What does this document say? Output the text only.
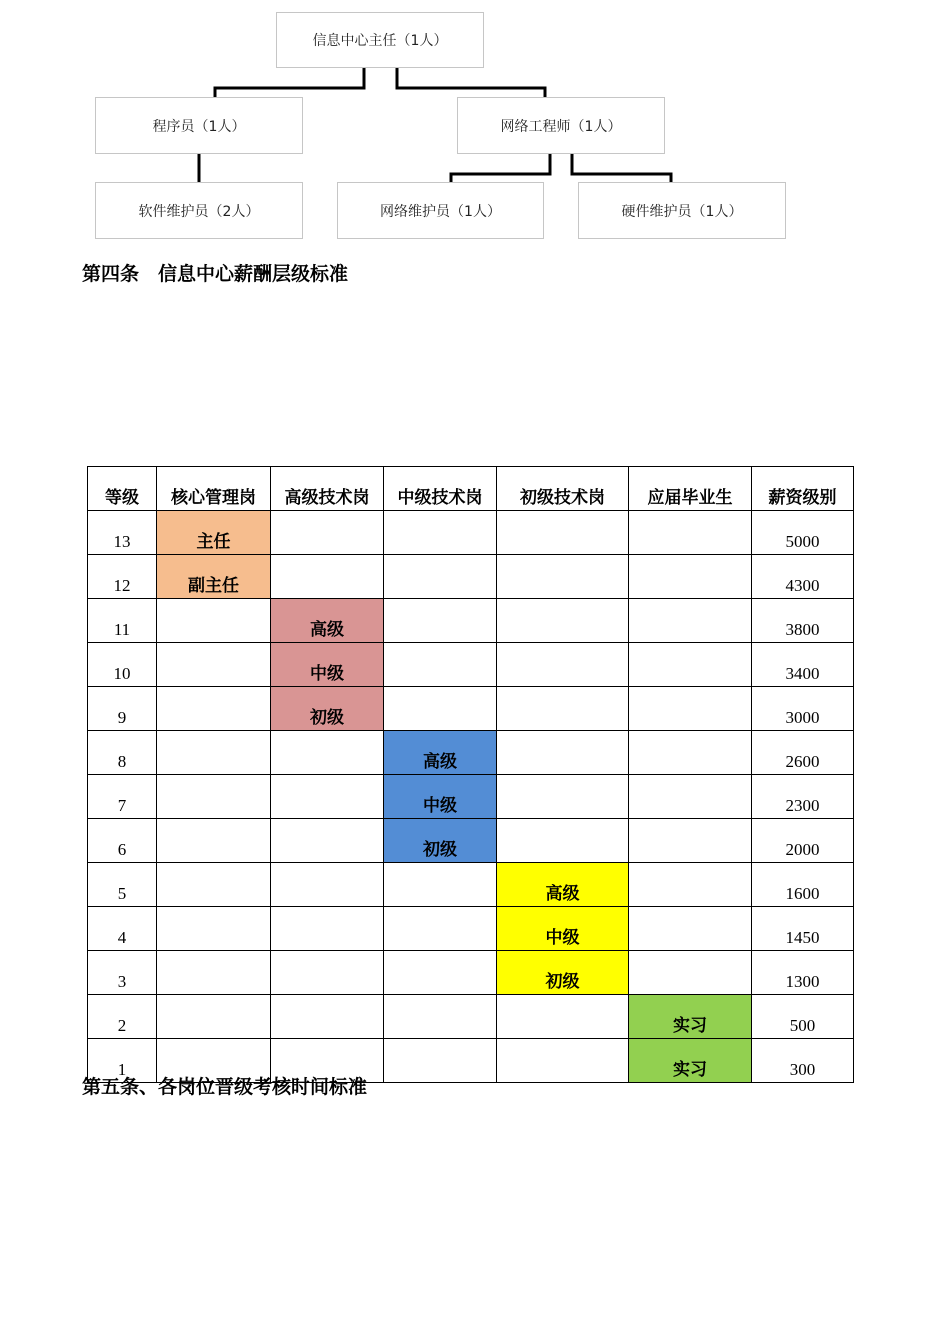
信息中心主任（1人）
程序员（1人）	网络工程师（1人）
软件维护员（2人）	网络维护员（1人）	硬件维护员（1人）
第四条　信息中心薪酬层级标准
等级	核心管理岗	高级技术岗	中级技术岗	初级技术岗	应届毕业生	薪资级别
13	主任					5000
12	副主任					4300
11		高级				3800
10		中级				3400
9		初级				3000
8			高级			2600
7			中级			2300
6			初级			2000
5				高级		1600
4				中级		1450
3				初级		1300
2					实习	500
1					实习	300
第五条、各岗位晋级考核时间标准
